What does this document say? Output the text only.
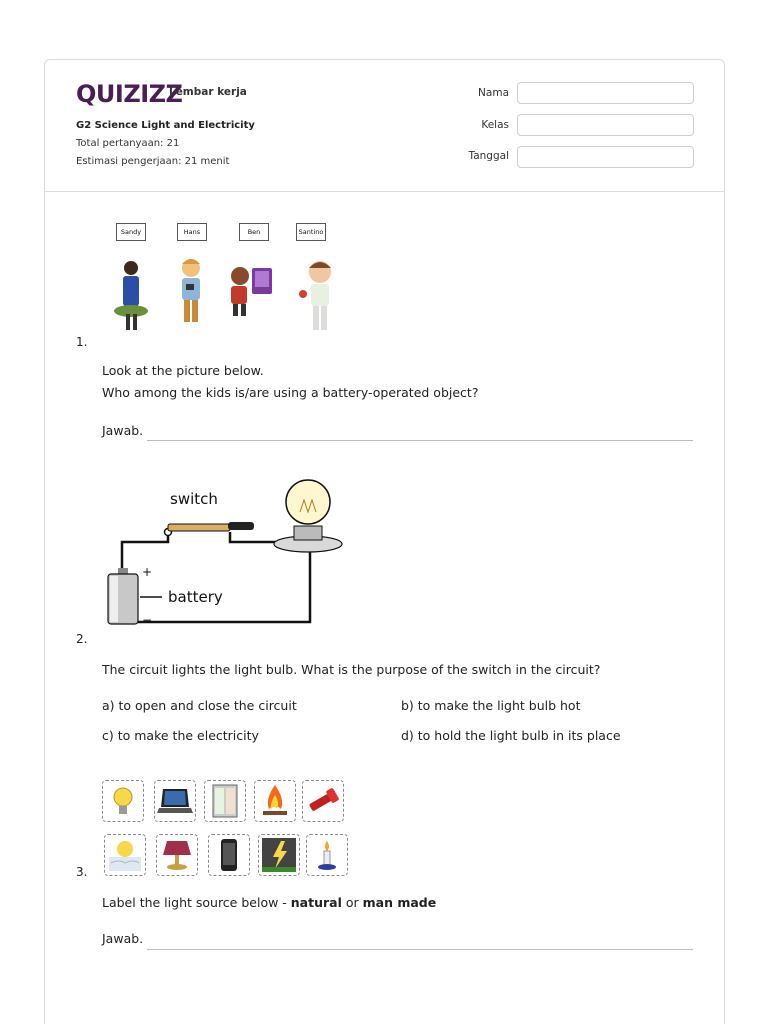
QUIZIZZ
Lembar kerja
G2 Science Light and Electricity
Total pertanyaan: 21
Estimasi pengerjaan: 21 menit
Nama
Kelas
Tanggal
Sandy	Hans	Ben	Santino
1.
Look at the picture below.
Who among the kids is/are using a battery-operated object?
Jawab.
+
−
switch
battery
2.
The circuit lights the light bulb. What is the purpose of the switch in the circuit?
a) to open and close the circuit	b) to make the light bulb hot
c) to make the electricity	d) to hold the light bulb in its place
3.
Label the light source below - natural or man made
Jawab.
